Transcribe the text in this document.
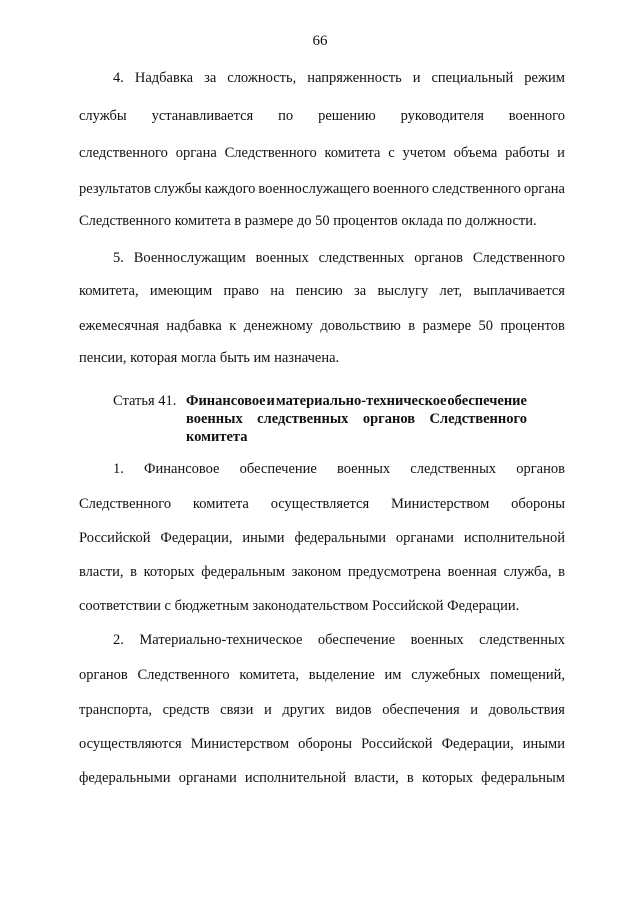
66
4. Надбавка за сложность, напряженность и специальный режим
службы устанавливается по решению руководителя военного
следственного органа Следственного комитета с учетом объема работы и
результатов службы каждого военнослужащего военного следственного органа
Следственного комитета в размере до 50 процентов оклада по должности.
5. Военнослужащим военных следственных органов Следственного
комитета, имеющим право на пенсию за выслугу лет, выплачивается
ежемесячная надбавка к денежному довольствию в размере 50 процентов
пенсии, которая могла быть им назначена.
Статья 41. Финансовое и материально-техническое обеспечение
военных следственных органов Следственного
комитета
1. Финансовое обеспечение военных следственных органов
Следственного комитета осуществляется Министерством обороны
Российской Федерации, иными федеральными органами исполнительной
власти, в которых федеральным законом предусмотрена военная служба, в
соответствии с бюджетным законодательством Российской Федерации.
2. Материально-техническое обеспечение военных следственных
органов Следственного комитета, выделение им служебных помещений,
транспорта, средств связи и других видов обеспечения и довольствия
осуществляются Министерством обороны Российской Федерации, иными
федеральными органами исполнительной власти, в которых федеральным
